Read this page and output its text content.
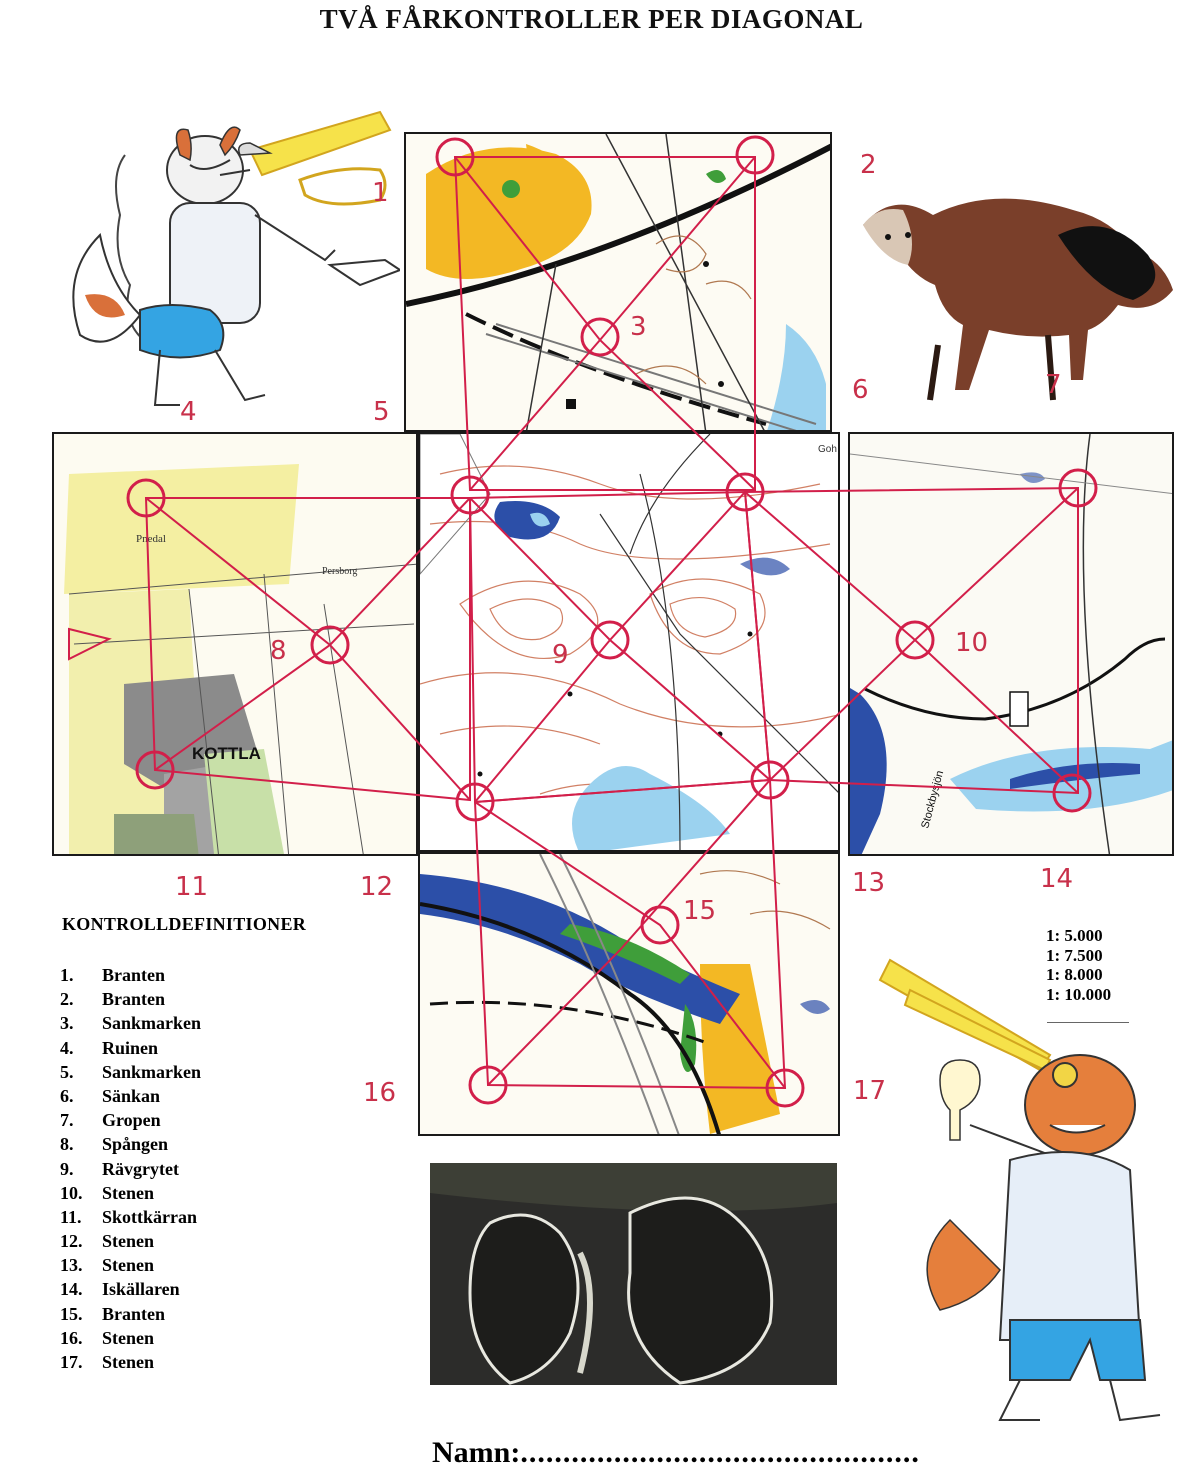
TVÅ FÅRKONTROLLER PER DIAGONAL
KOTTLA
Pnedal
Persborg
Goh
Stockbysjön
1
2
3
4	5
6	7
8	9	10
11	12	13	14
15
16	17
KONTROLLDEFINITIONER
1.	Branten
2.	Branten
3.	Sankmarken
4.	Ruinen
5.	Sankmarken
6.	Sänkan
7.	Gropen
8.	Spången
9.	Rävgrytet
10.	Stenen
11.	Skottkärran
12.	Stenen
13.	Stenen
14.	Iskällaren
15.	Branten
16.	Stenen
17.	Stenen
1: 5.000
1: 7.500
1: 8.000
1: 10.000
Namn:...............................................
